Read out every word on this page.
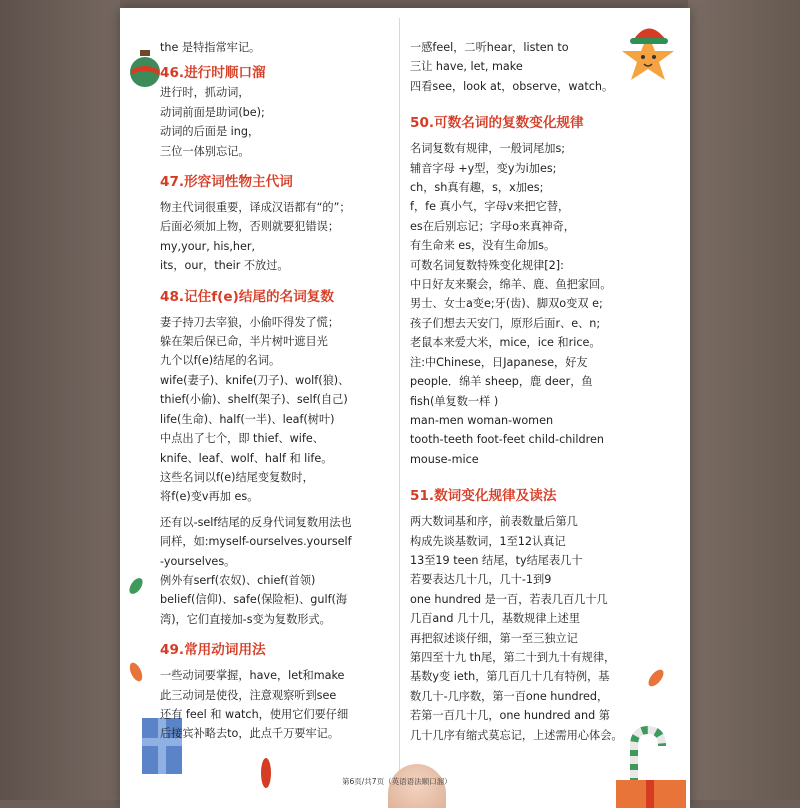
the 是特指常牢记。
46.进行时顺口溜
进行时，抓动词，
动词前面是助词(be);
动词的后面是 ing，
三位一体别忘记。
47.形容词性物主代词
物主代词很重要，译成汉语都有“的”；
后面必须加上物，否则就要犯错误；
my,your, his,her,
its，our，their 不放过。
48.记住f(e)结尾的名词复数
妻子持刀去宰狼，小偷吓得发了慌；
躲在架后保已命，半片树叶遮目光
九个以f(e)结尾的名词。
wife(妻子)、knife(刀子)、wolf(狼)、
thief(小偷)、shelf(架子)、self(自己)
life(生命)、half(一半)、leaf(树叶)
中点出了七个，即 thief、wife、
knife、leaf、wolf、half 和 life。
这些名词以f(e)结尾变复数时，
将f(e)变v再加 es。
还有以-self结尾的反身代词复数用法也
同样，如:myself-ourselves.yourself
-yourselves。
例外有serf(农奴)、chief(首领)
belief(信仰)、safe(保险柜)、gulf(海
湾)，它们直接加-s变为复数形式。
49.常用动词用法
一些动词要掌握，have，let和make
此三动词是使役，注意观察听到see
还有 feel 和 watch，使用它们要仔细
后接宾补略去to，此点千万要牢记。
一感feel，二听hear，listen to
三让 have, let, make
四看see，look at，observe，watch。
50.可数名词的复数变化规律
名词复数有规律，一般词尾加s;
辅音字母 +y型，变y为i加es;
ch，sh真有趣，s，x加es;
f，fe 真小气，字母v来把它替，
es在后别忘记；字母o来真神奇，
有生命来 es，没有生命加s。
可数名词复数特殊变化规律[2]:
中日好友来聚会，绵羊、鹿、鱼把家回。
男士、女士a变e;牙(齿)、脚双o变双 e;
孩子们想去天安门，原形后面r、e、n;
老鼠本来爱大米，mice，ice 和rice。
注:中Chinese，日Japanese，好友
people．绵羊 sheep，鹿 deer，鱼
fish(单复数一样 )
man-men woman-women
tooth-teeth foot-feet child-children
mouse-mice
51.数词变化规律及读法
两大数词基和序，前表数量后第几
构成先谈基数词，1至12认真记
13至19 teen 结尾，ty结尾表几十
若要表达几十几，几十-1到9
one hundred 是一百，若表几百几十几
几百and 几十几，基数规律上述里
再把叙述谈仔细，第一至三独立记
第四至十九 th尾，第二十到九十有规律，
基数y变 ieth，第几百几十几有特例，基
数几十-几序数，第一百one hundred，
若第一百几十几，one hundred and 第
几十几序有缩式莫忘记，上述需用心体会。
第6页/共7页（英语语法顺口溜）
